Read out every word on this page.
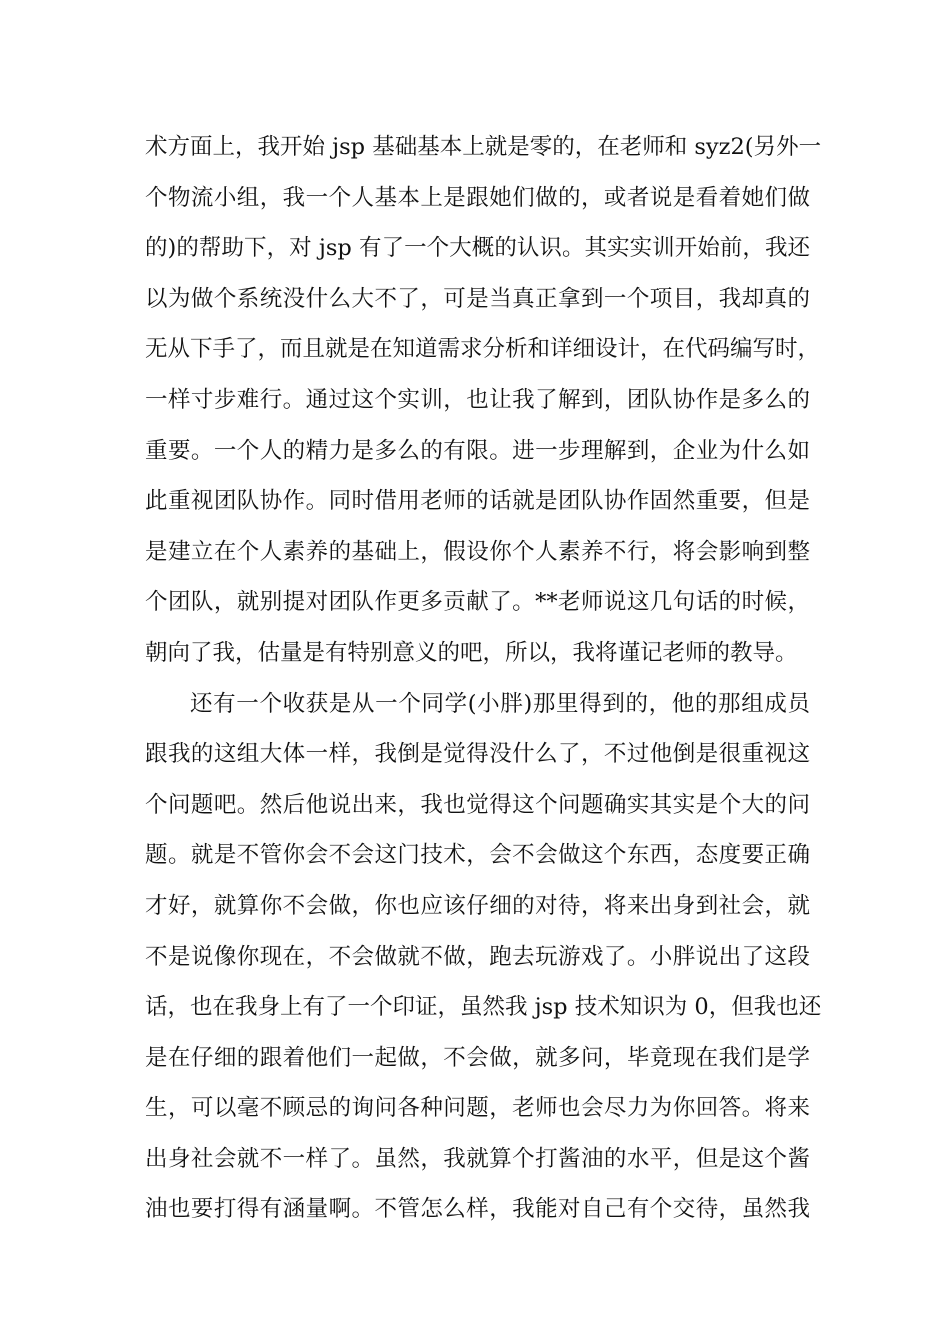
术方面上，我开始 jsp 基础基本上就是零的，在老师和 syz2(另外一
个物流小组，我一个人基本上是跟她们做的，或者说是看着她们做
的)的帮助下，对 jsp 有了一个大概的认识。其实实训开始前，我还
以为做个系统没什么大不了，可是当真正拿到一个项目，我却真的
无从下手了，而且就是在知道需求分析和详细设计，在代码编写时，
一样寸步难行。通过这个实训，也让我了解到，团队协作是多么的
重要。一个人的精力是多么的有限。进一步理解到，企业为什么如
此重视团队协作。同时借用老师的话就是团队协作固然重要，但是
是建立在个人素养的基础上，假设你个人素养不行，将会影响到整
个团队，就别提对团队作更多贡献了。**老师说这几句话的时候，
朝向了我，估量是有特别意义的吧，所以，我将谨记老师的教导。
还有一个收获是从一个同学(小胖)那里得到的，他的那组成员
跟我的这组大体一样，我倒是觉得没什么了，不过他倒是很重视这
个问题吧。然后他说出来，我也觉得这个问题确实其实是个大的问
题。就是不管你会不会这门技术，会不会做这个东西，态度要正确
才好，就算你不会做，你也应该仔细的对待，将来出身到社会，就
不是说像你现在，不会做就不做，跑去玩游戏了。小胖说出了这段
话，也在我身上有了一个印证，虽然我 jsp 技术知识为 0，但我也还
是在仔细的跟着他们一起做，不会做，就多问，毕竟现在我们是学
生，可以毫不顾忌的询问各种问题，老师也会尽力为你回答。将来
出身社会就不一样了。虽然，我就算个打酱油的水平，但是这个酱
油也要打得有涵量啊。不管怎么样，我能对自己有个交待，虽然我
